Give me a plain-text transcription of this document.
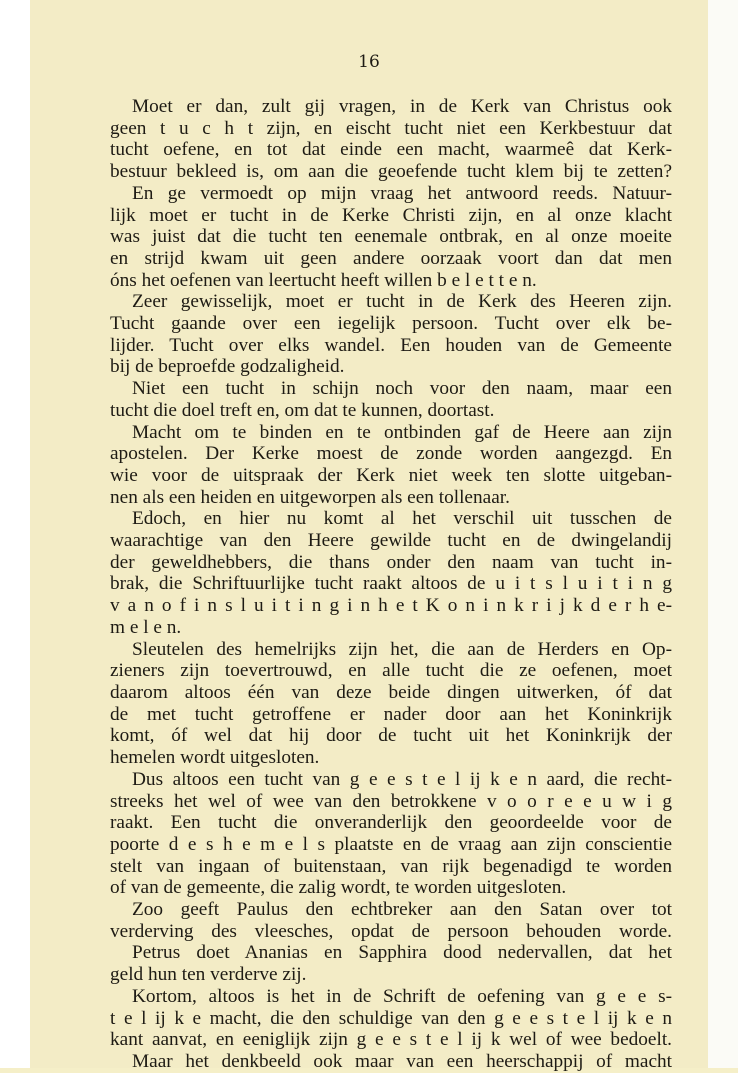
16
Moet er dan, zult gij vragen, in de Kerk van Christus ook
geen t u c h t zijn, en eischt tucht niet een Kerkbestuur dat
tucht oefene, en tot dat einde een macht, waarmeê dat Kerk-
bestuur bekleed is, om aan die geoefende tucht klem bij te zetten?
En ge vermoedt op mijn vraag het antwoord reeds. Natuur-
lijk moet er tucht in de Kerke Christi zijn, en al onze klacht
was juist dat die tucht ten eenemale ontbrak, en al onze moeite
en strijd kwam uit geen andere oorzaak voort dan dat men
óns het oefenen van leertucht heeft willen b e l e t t e n.
Zeer gewisselijk, moet er tucht in de Kerk des Heeren zijn.
Tucht gaande over een iegelijk persoon. Tucht over elk be-
lijder. Tucht over elks wandel. Een houden van de Gemeente
bij de beproefde godzaligheid.
Niet een tucht in schijn noch voor den naam, maar een
tucht die doel treft en, om dat te kunnen, doortast.
Macht om te binden en te ontbinden gaf de Heere aan zijn
apostelen. Der Kerke moest de zonde worden aangezgd. En
wie voor de uitspraak der Kerk niet week ten slotte uitgeban-
nen als een heiden en uitgeworpen als een tollenaar.
Edoch, en hier nu komt al het verschil uit tusschen de
waarachtige van den Heere gewilde tucht en de dwingelandij
der geweldhebbers, die thans onder den naam van tucht in-
brak, die Schriftuurlijke tucht raakt altoos de u i t s l u i t i n g
v a n o f i n s l u i t i n g i n h e t K o n i n k r i j k d e r h e-
m e l e n.
Sleutelen des hemelrijks zijn het, die aan de Herders en Op-
zieners zijn toevertrouwd, en alle tucht die ze oefenen, moet
daarom altoos één van deze beide dingen uitwerken, óf dat
de met tucht getroffene er nader door aan het Koninkrijk
komt, óf wel dat hij door de tucht uit het Koninkrijk der
hemelen wordt uitgesloten.
Dus altoos een tucht van g e e s t e l ij k e n aard, die recht-
streeks het wel of wee van den betrokkene v o o r e e u w i g
raakt. Een tucht die onveranderlijk den geoordeelde voor de
poorte d e s h e m e l s plaatste en de vraag aan zijn conscientie
stelt van ingaan of buitenstaan, van rijk begenadigd te worden
of van de gemeente, die zalig wordt, te worden uitgesloten.
Zoo geeft Paulus den echtbreker aan den Satan over tot
verderving des vleesches, opdat de persoon behouden worde.
Petrus doet Ananias en Sapphira dood nedervallen, dat het
geld hun ten verderve zij.
Kortom, altoos is het in de Schrift de oefening van g e e s-
t e l ij k e macht, die den schuldige van den g e e s t e l ij k e n
kant aanvat, en eeniglijk zijn g e e s t e l ij k wel of wee bedoelt.
Maar het denkbeeld ook maar van een heerschappij of macht
